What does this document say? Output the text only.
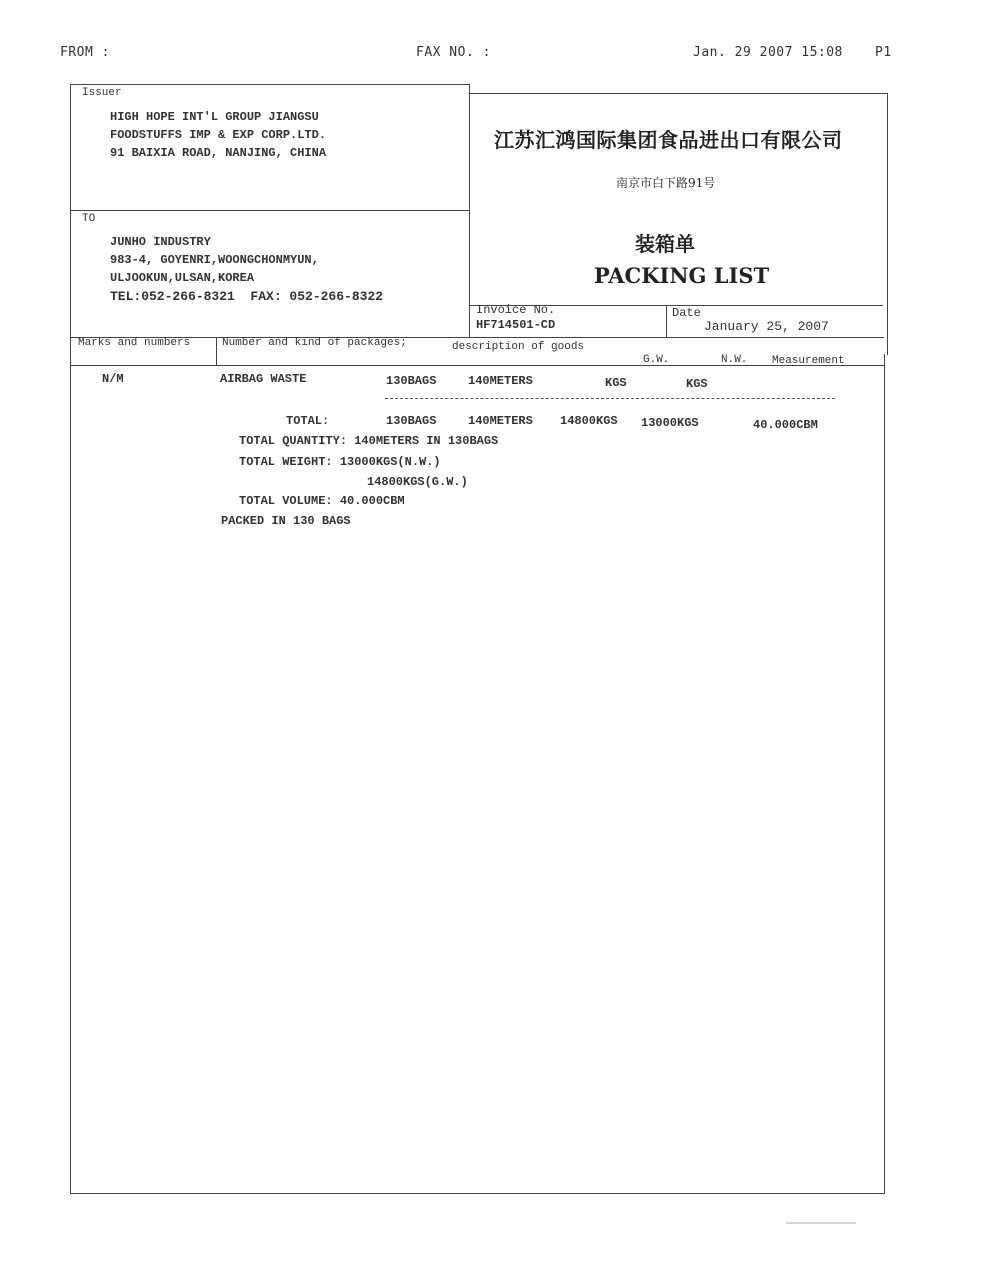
FROM :	FAX NO. :	Jan. 29 2007 15:08 P1
Issuer
HIGH HOPE INT'L GROUP JIANGSU
FOODSTUFFS IMP & EXP CORP.LTD.
91 BAIXIA ROAD, NANJING, CHINA
TO
JUNHO INDUSTRY
983-4, GOYENRI,WOONGCHONMYUN,
ULJOOKUN,ULSAN,KOREA
TEL:052-266-8321  FAX: 052-266-8322
江苏汇鸿国际集团食品进出口有限公司
南京市白下路91号
装箱单
PACKING LIST
Invoice No.
HF714501-CD
Date
January 25, 2007
Marks and numbers	Number and kind of packages;	description of goods
G.W.	N.W. Measurement
N/M	AIRBAG WASTE	130BAGS	140METERS	KGS	KGS
TOTAL:	130BAGS	140METERS 14800KGS 13000KGS	40.000CBM
TOTAL QUANTITY: 140METERS IN 130BAGS
TOTAL WEIGHT: 13000KGS(N.W.)
14800KGS(G.W.)
TOTAL VOLUME: 40.000CBM
PACKED IN 130 BAGS
